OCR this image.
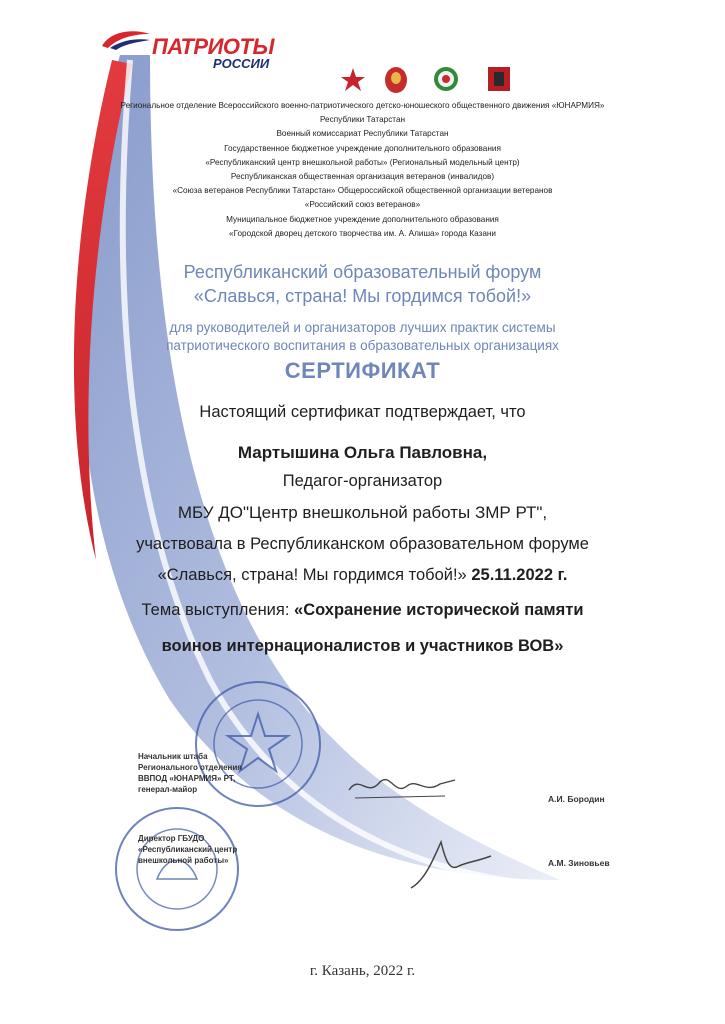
ПАТРИОТЫ
РОССИИ
Региональное отделение Всероссийского военно-патриотического детско-юношеского общественного движения «ЮНАРМИЯ»
Республики Татарстан
Военный комиссариат Республики Татарстан
Государственное бюджетное учреждение дополнительного образования
«Республиканский центр внешкольной работы» (Региональный модельный центр)
Республиканская общественная организация ветеранов (инвалидов)
«Союза ветеранов Республики Татарстан» Общероссийской общественной организации ветеранов
«Российский союз ветеранов»
Муниципальное бюджетное учреждение дополнительного образования
«Городской дворец детского творчества им. А. Алиша» города Казани
Республиканский образовательный форум
«Славься, страна! Мы гордимся тобой!»
для руководителей и организаторов лучших практик системы
патриотического воспитания в образовательных организациях
СЕРТИФИКАТ
Настоящий сертификат подтверждает, что
Мартышина Ольга Павловна,
Педагог-организатор
МБУ ДО"Центр внешкольной работы ЗМР РТ",
участвовала в Республиканском образовательном форуме
«Славься, страна! Мы гордимся тобой!» 25.11.2022 г.
Тема выступления: «Сохранение исторической памяти
воинов интернационалистов и участников ВОВ»
Начальник штаба
Регионального отделения
ВВПОД «ЮНАРМИЯ» РТ,
генерал-майор
А.И. Бородин
Директор ГБУДО
«Республиканский центр
внешкольной работы»	А.М. Зиновьев
г. Казань, 2022 г.
